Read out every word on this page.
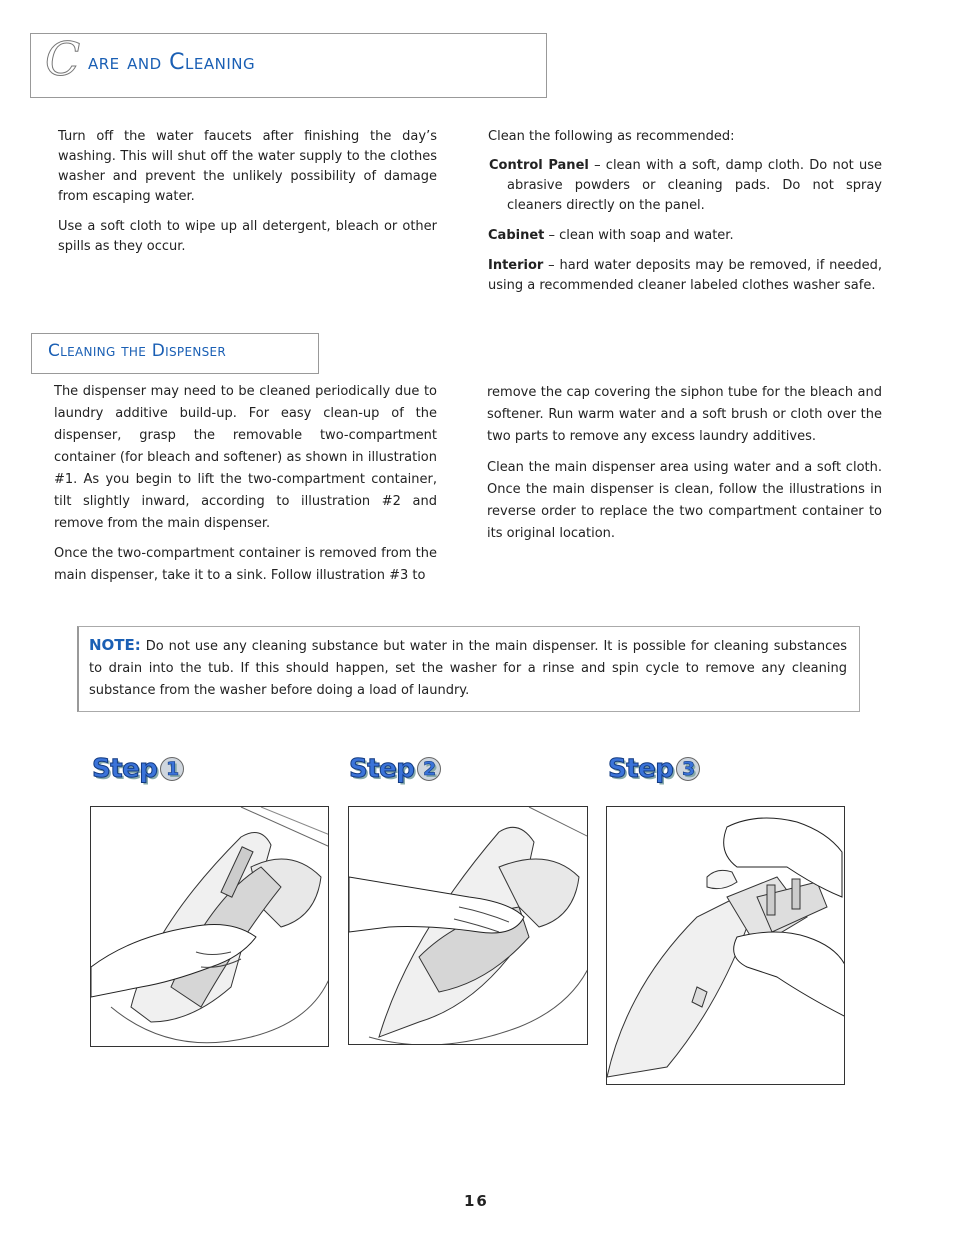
C are and Cleaning

Turn off the water faucets after finishing the day’s washing. This will shut off the water supply to the clothes washer and prevent the unlikely possibility of damage from escaping water.

Use a soft cloth to wipe up all detergent, bleach or other spills as they occur.

Clean the following as recommended:

Control Panel – clean with a soft, damp cloth. Do not use abrasive powders or cleaning pads. Do not spray cleaners directly on the panel.

Cabinet – clean with soap and water.

Interior – hard water deposits may be removed, if needed, using a recommended cleaner labeled clothes washer safe.

Cleaning the Dispenser

The dispenser may need to be cleaned periodically due to laundry additive build-up. For easy clean-up of the dispenser, grasp the removable two-compartment container (for bleach and softener) as shown in illustration #1. As you begin to lift the two-compartment container, tilt slightly inward, according to illustration #2 and remove from the main dispenser.

Once the two-compartment container is removed from the main dispenser, take it to a sink. Follow illustration #3 to

remove the cap covering the siphon tube for the bleach and softener. Run warm water and a soft brush or cloth over the two parts to remove any excess laundry additives.

Clean the main dispenser area using water and a soft cloth. Once the main dispenser is clean, follow the illustrations in reverse order to replace the two compartment container to its original location.

NOTE: Do not use any cleaning substance but water in the main dispenser. It is possible for cleaning substances to drain into the tub. If this should happen, set the washer for a rinse and spin cycle to remove any cleaning substance from the washer before doing a load of laundry.

Step 1	Step 2	Step 3
16
